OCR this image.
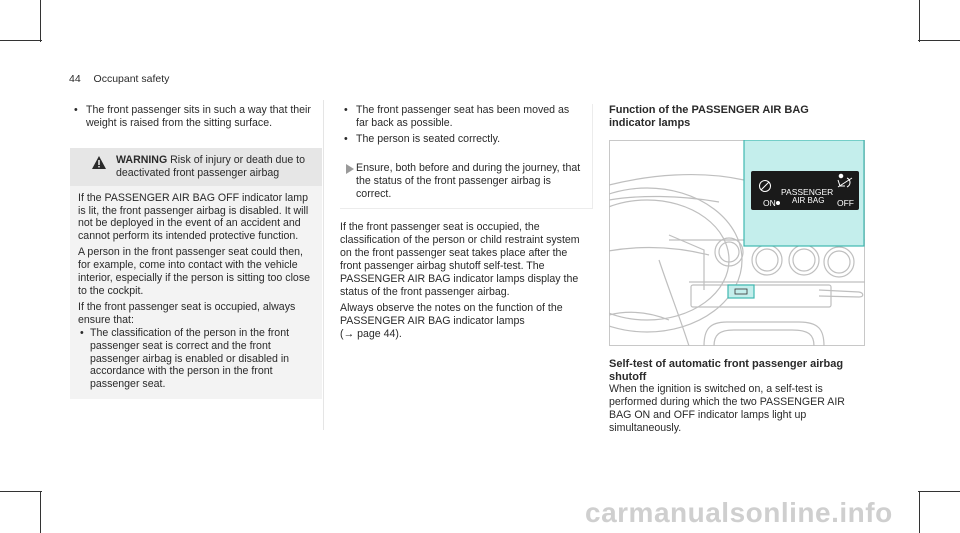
44 Occupant safety
• The front passenger sits in such a way that their weight is raised from the sitting surface.
WARNING Risk of injury or death due to deactivated front passenger airbag

If the PASSENGER AIR BAG OFF indicator lamp is lit, the front passenger airbag is disabled. It will not be deployed in the event of an accident and cannot perform its intended protective function.

A person in the front passenger seat could then, for example, come into contact with the vehicle interior, especially if the person is sitting too close to the cockpit.

If the front passenger seat is occupied, always ensure that:

• The classification of the person in the front passenger seat is correct and the front passenger airbag is enabled or disabled in accordance with the person in the front passenger seat.
• The front passenger seat has been moved as far back as possible.
• The person is seated correctly.
Ensure, both before and during the journey, that the status of the front passenger airbag is correct.

If the front passenger seat is occupied, the classification of the person or child restraint system on the front passenger seat takes place after the front passenger airbag shutoff self-test. The PASSENGER AIR BAG indicator lamps display the status of the front passenger airbag.

Always observe the notes on the function of the PASSENGER AIR BAG indicator lamps
(→ page 44).

Function of the PASSENGER AIR BAG indicator lamps
ON
PASSENGER
AIR BAG OFF
Self-test of automatic front passenger airbag shutoff

When the ignition is switched on, a self-test is performed during which the two PASSENGER AIR BAG ON and OFF indicator lamps light up simultaneously.

carmanualsonline.info
